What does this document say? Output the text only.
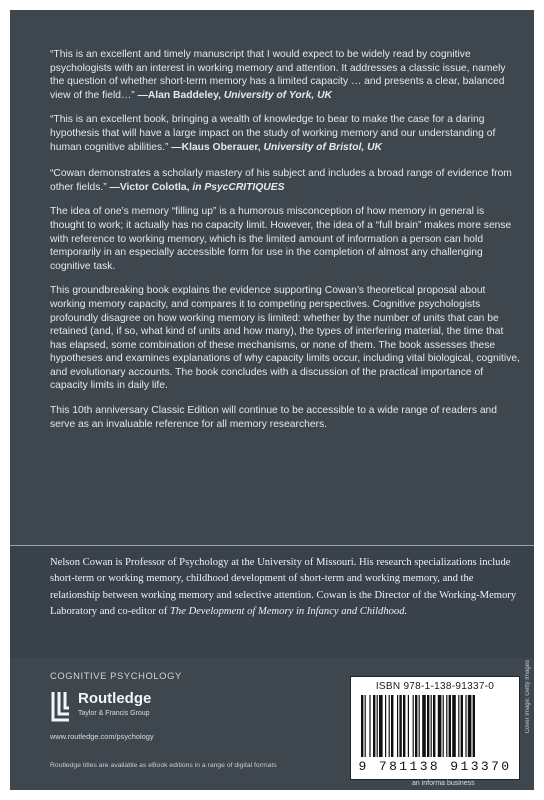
“This is an excellent and timely manuscript that I would expect to be widely read by cognitive psychologists with an interest in working memory and attention. It addresses a classic issue, namely the question of whether short-term memory has a limited capacity … and presents a clear, balanced view of the field…” —Alan Baddeley, University of York, UK

“This is an excellent book, bringing a wealth of knowledge to bear to make the case for a daring hypothesis that will have a large impact on the study of working memory and our understanding of human cognitive abilities.” —Klaus Oberauer, University of Bristol, UK

“Cowan demonstrates a scholarly mastery of his subject and includes a broad range of evidence from other fields.” —Victor Colotla, in PsycCRITIQUES

The idea of one’s memory “filling up” is a humorous misconception of how memory in general is thought to work; it actually has no capacity limit. However, the idea of a “full brain” makes more sense with reference to working memory, which is the limited amount of information a person can hold temporarily in an especially accessible form for use in the completion of almost any challenging cognitive task.

This groundbreaking book explains the evidence supporting Cowan’s theoretical proposal about working memory capacity, and compares it to competing perspectives. Cognitive psychologists profoundly disagree on how working memory is limited: whether by the number of units that can be retained (and, if so, what kind of units and how many), the types of interfering material, the time that has elapsed, some combination of these mechanisms, or none of them. The book assesses these hypotheses and examines explanations of why capacity limits occur, including vital biological, cognitive, and evolutionary accounts. The book concludes with a discussion of the practical importance of capacity limits in daily life.

This 10th anniversary Classic Edition will continue to be accessible to a wide range of readers and serve as an invaluable reference for all memory researchers.

Nelson Cowan is Professor of Psychology at the University of Missouri. His research specializations include short-term or working memory, childhood development of short-term and working memory, and the relationship between working memory and selective attention. Cowan is the Director of the Working-Memory Laboratory and co-editor of The Development of Memory in Infancy and Childhood.

COGNITIVE PSYCHOLOGY
Routledge
Taylor & Francis Group
www.routledge.com/psychology
Routledge titles are available as eBook editions in a range of digital formats
ISBN 978-1-138-91337-0
9 781138 913370
an informa business
Cover Image: Getty Images
